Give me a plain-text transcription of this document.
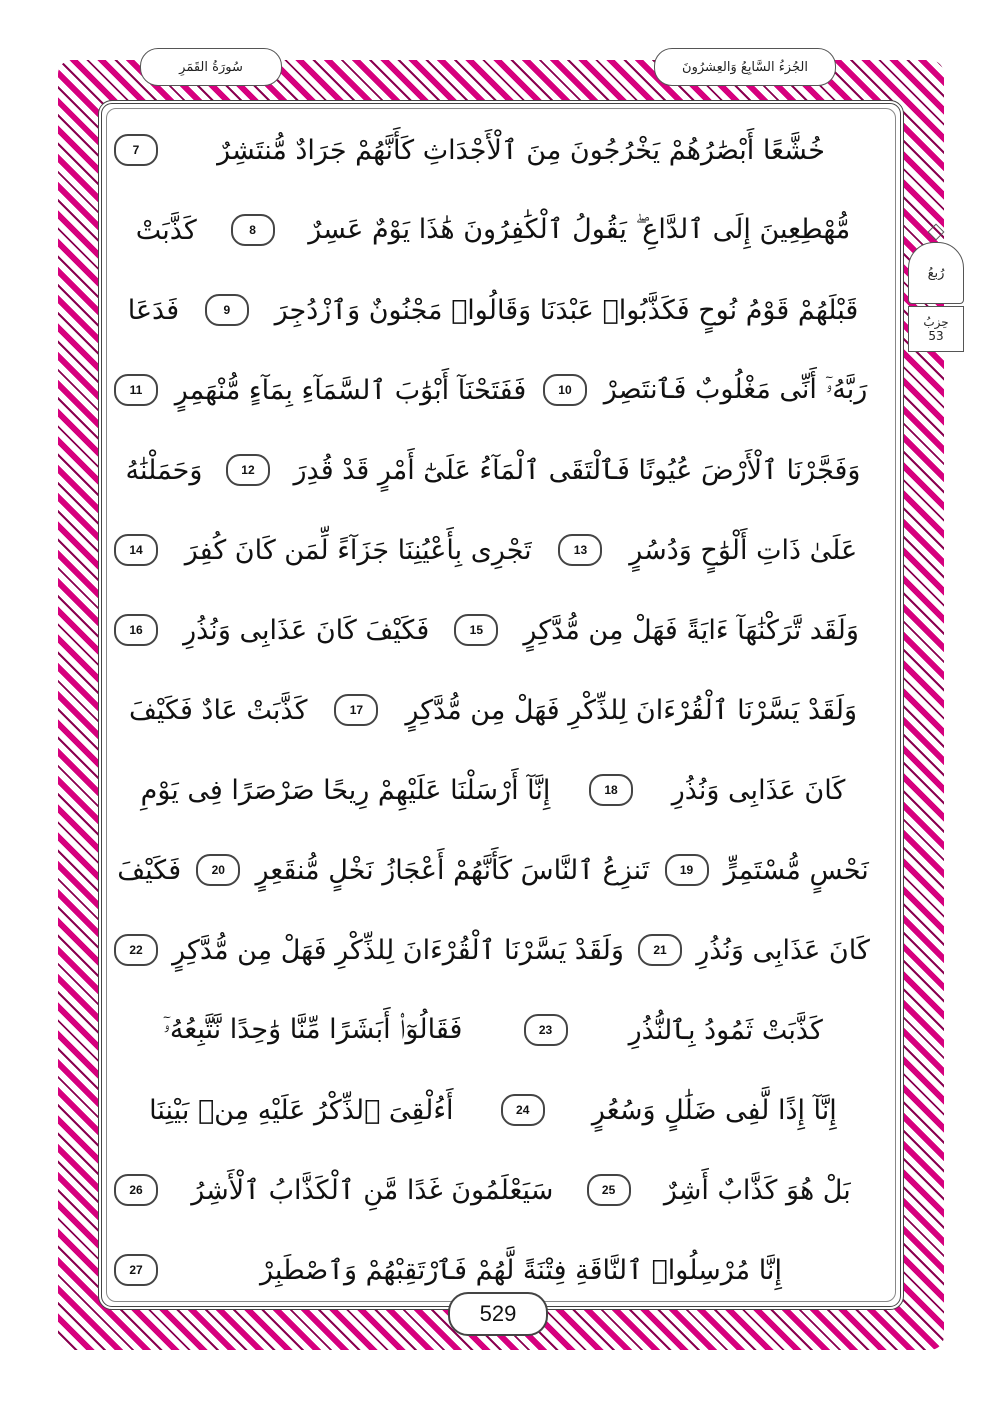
سُورَةُ القَمَرِ	الجُزءُ السَّابِعُ وَالعِشرُونَ
رُبعُ
حِزبُ
53
خُشَّعًا أَبْصَٰرُهُمْ يَخْرُجُونَ مِنَ ٱلْأَجْدَاثِ كَأَنَّهُمْ جَرَادٌ مُّنتَشِرٌ
7
مُّهْطِعِينَ إِلَى ٱلدَّاعِ ۖ يَقُولُ ٱلْكَٰفِرُونَ هَٰذَا يَوْمٌ عَسِرٌ
8
كَذَّبَتْ
قَبْلَهُمْ قَوْمُ نُوحٍ فَكَذَّبُوا۟ عَبْدَنَا وَقَالُوا۟ مَجْنُونٌ وَٱزْدُجِرَ
9
فَدَعَا
رَبَّهُۥٓ أَنِّى مَغْلُوبٌ فَٱنتَصِرْ
10
فَفَتَحْنَآ أَبْوَٰبَ ٱلسَّمَآءِ بِمَآءٍ مُّنْهَمِرٍ
11
وَفَجَّرْنَا ٱلْأَرْضَ عُيُونًا فَٱلْتَقَى ٱلْمَآءُ عَلَىٰٓ أَمْرٍ قَدْ قُدِرَ
12
وَحَمَلْنَٰهُ
عَلَىٰ ذَاتِ أَلْوَٰحٍ وَدُسُرٍ
13
تَجْرِى بِأَعْيُنِنَا جَزَآءً لِّمَن كَانَ كُفِرَ
14
وَلَقَد تَّرَكْنَٰهَآ ءَايَةً فَهَلْ مِن مُّدَّكِرٍ
15
فَكَيْفَ كَانَ عَذَابِى وَنُذُرِ
16
وَلَقَدْ يَسَّرْنَا ٱلْقُرْءَانَ لِلذِّكْرِ فَهَلْ مِن مُّدَّكِرٍ
17
كَذَّبَتْ عَادٌ فَكَيْفَ
كَانَ عَذَابِى وَنُذُرِ
18
إِنَّآ أَرْسَلْنَا عَلَيْهِمْ رِيحًا صَرْصَرًا فِى يَوْمِ
نَحْسٍ مُّسْتَمِرٍّ
19
تَنزِعُ ٱلنَّاسَ كَأَنَّهُمْ أَعْجَازُ نَخْلٍ مُّنقَعِرٍ
20
فَكَيْفَ
كَانَ عَذَابِى وَنُذُرِ
21
وَلَقَدْ يَسَّرْنَا ٱلْقُرْءَانَ لِلذِّكْرِ فَهَلْ مِن مُّدَّكِرٍ
22
كَذَّبَتْ ثَمُودُ بِٱلنُّذُرِ
23
فَقَالُوٓا۟ أَبَشَرًا مِّنَّا وَٰحِدًا نَّتَّبِعُهُۥٓ
إِنَّآ إِذًا لَّفِى ضَلَٰلٍ وَسُعُرٍ
24
أَءُلْقِىَ ٱلذِّكْرُ عَلَيْهِ مِنۢ بَيْنِنَا
بَلْ هُوَ كَذَّابٌ أَشِرٌ
25
سَيَعْلَمُونَ غَدًا مَّنِ ٱلْكَذَّابُ ٱلْأَشِرُ
26
إِنَّا مُرْسِلُوا۟ ٱلنَّاقَةِ فِتْنَةً لَّهُمْ فَٱرْتَقِبْهُمْ وَٱصْطَبِرْ
27
529
